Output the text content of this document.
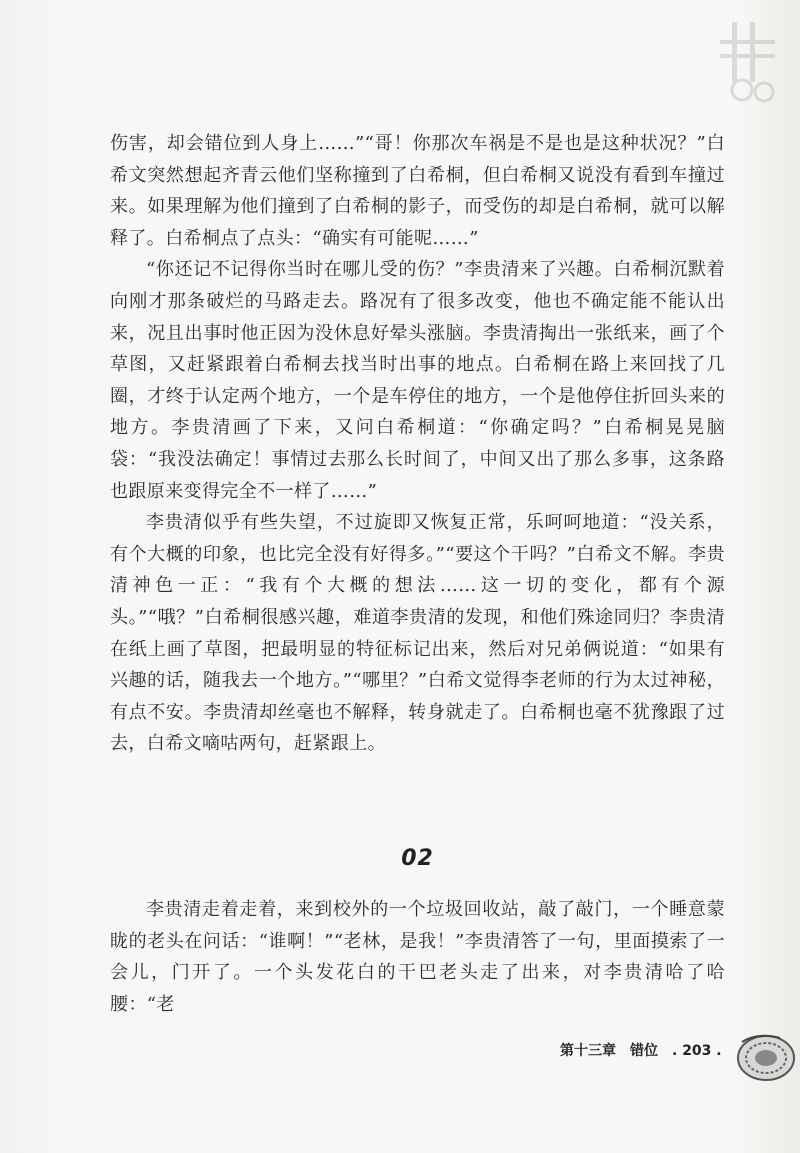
伤害，却会错位到人身上……”“哥！你那次车祸是不是也是这种状况？”白希文突然想起齐青云他们坚称撞到了白希桐，但白希桐又说没有看到车撞过来。如果理解为他们撞到了白希桐的影子，而受伤的却是白希桐，就可以解释了。白希桐点了点头：“确实有可能呢……”

“你还记不记得你当时在哪儿受的伤？”李贵清来了兴趣。白希桐沉默着向刚才那条破烂的马路走去。路况有了很多改变，他也不确定能不能认出来，况且出事时他正因为没休息好晕头涨脑。李贵清掏出一张纸来，画了个草图，又赶紧跟着白希桐去找当时出事的地点。白希桐在路上来回找了几圈，才终于认定两个地方，一个是车停住的地方，一个是他停住折回头来的地方。李贵清画了下来，又问白希桐道：“你确定吗？”白希桐晃晃脑袋：“我没法确定！事情过去那么长时间了，中间又出了那么多事，这条路也跟原来变得完全不一样了……”

李贵清似乎有些失望，不过旋即又恢复正常，乐呵呵地道：“没关系，有个大概的印象，也比完全没有好得多。”“要这个干吗？”白希文不解。李贵清神色一正：“我有个大概的想法……这一切的变化，都有个源头。”“哦？”白希桐很感兴趣，难道李贵清的发现，和他们殊途同归？李贵清在纸上画了草图，把最明显的特征标记出来，然后对兄弟俩说道：“如果有兴趣的话，随我去一个地方。”“哪里？”白希文觉得李老师的行为太过神秘，有点不安。李贵清却丝毫也不解释，转身就走了。白希桐也毫不犹豫跟了过去，白希文嘀咕两句，赶紧跟上。

02

李贵清走着走着，来到校外的一个垃圾回收站，敲了敲门，一个睡意蒙眬的老头在问话：“谁啊！”“老林，是我！”李贵清答了一句，里面摸索了一会儿，门开了。一个头发花白的干巴老头走了出来，对李贵清哈了哈腰：“老

第十三章 错位 . 203 .
